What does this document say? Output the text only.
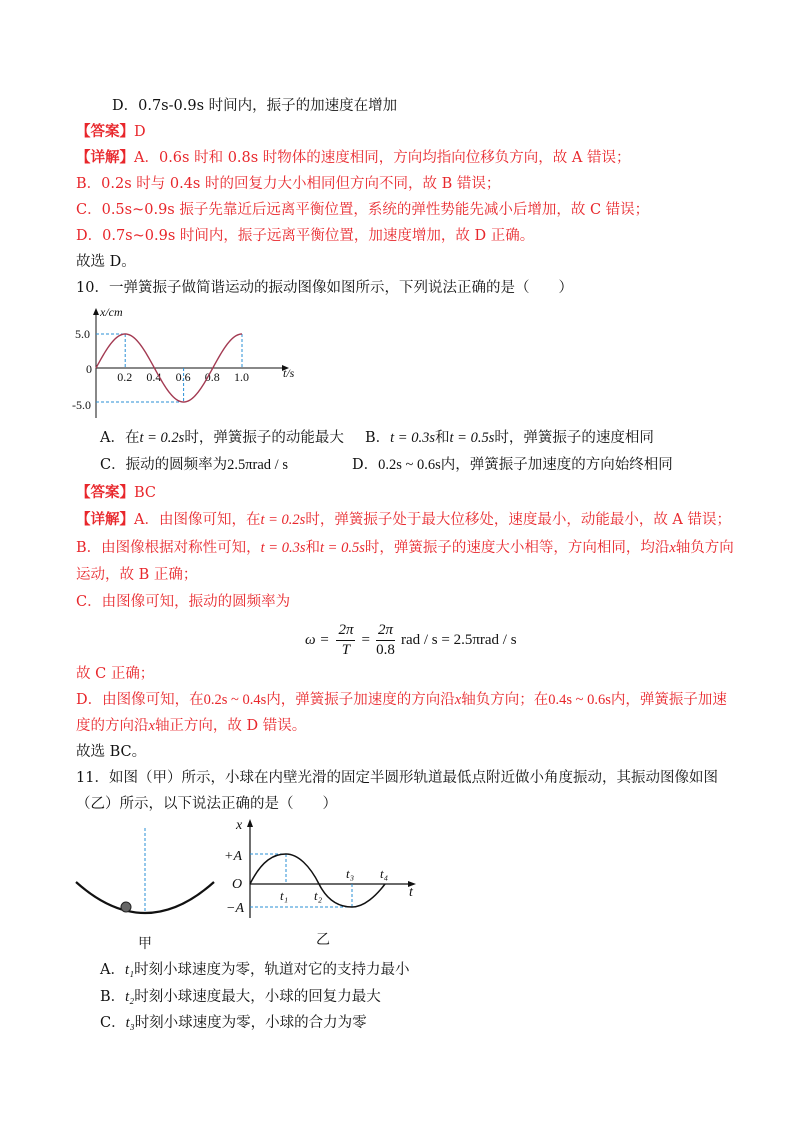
D．0.7s-0.9s 时间内，振子的加速度在增加
【答案】D
【详解】A．0.6s 时和 0.8s 时物体的速度相同，方向均指向位移负方向，故 A 错误；
B．0.2s 时与 0.4s 时的回复力大小相同但方向不同，故 B 错误；
C．0.5s~0.9s 振子先靠近后远离平衡位置，系统的弹性势能先减小后增加，故 C 错误；
D．0.7s~0.9s 时间内，振子远离平衡位置，加速度增加，故 D 正确。
故选 D。
10．一弹簧振子做简谐运动的振动图像如图所示，下列说法正确的是（　　）
x/cm
t/s
0
5.0
-5.0
0.2 0.4 0.6 0.8 1.0
A．在t = 0.2s时，弹簧振子的动能最大 B．t = 0.3s和t = 0.5s时，弹簧振子的速度相同
C．振动的圆频率为2.5πrad / s	D．0.2s ~ 0.6s内，弹簧振子加速度的方向始终相同
【答案】BC
【详解】A．由图像可知，在t = 0.2s时，弹簧振子处于最大位移处，速度最小，动能最小，故 A 错误；
B．由图像根据对称性可知，t = 0.3s和t = 0.5s时，弹簧振子的速度大小相等，方向相同，均沿x轴负方向
运动，故 B 正确；
C．由图像可知，振动的圆频率为
$\omega = \frac{2\pi}{T} = \frac{2\pi}{0.8}$ rad / s = 2.5πrad / s
故 C 正确；
D．由图像可知，在0.2s ~ 0.4s内，弹簧振子加速度的方向沿x轴负方向；在0.4s ~ 0.6s内，弹簧振子加速
度的方向沿x轴正方向，故 D 错误。
故选 BC。
11．如图（甲）所示，小球在内壁光滑的固定半圆形轨道最低点附近做小角度振动，其振动图像如图
（乙）所示，以下说法正确的是（　　）
甲
x
t
O
+A
−A
t₁ t₂
t₃ t₄
乙
A．t₁时刻小球速度为零，轨道对它的支持力最小
B．t₂时刻小球速度最大，小球的回复力最大
C．t₃时刻小球速度为零，小球的合力为零
